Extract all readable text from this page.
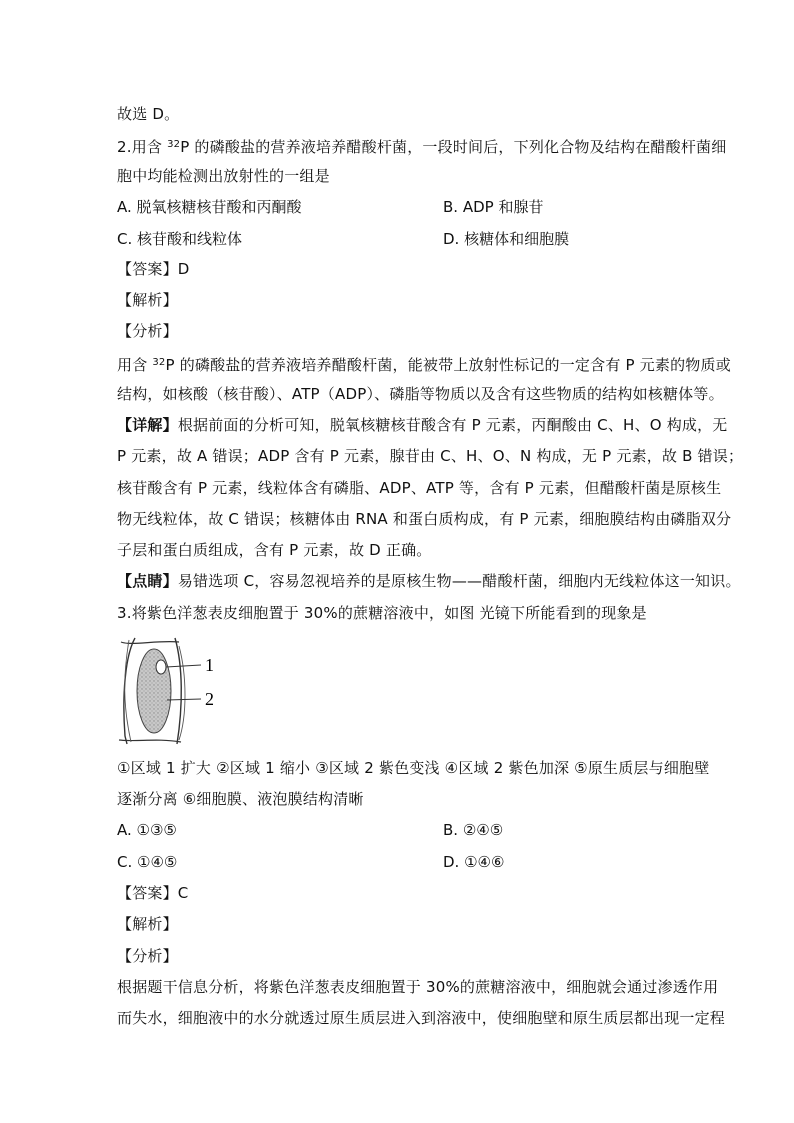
故选 D。
2.用含 $^{32}$P 的磷酸盐的营养液培养醋酸杆菌，一段时间后，下列化合物及结构在醋酸杆菌细
胞中均能检测出放射性的一组是
A. 脱氧核糖核苷酸和丙酮酸	B. ADP 和腺苷
C. 核苷酸和线粒体	D. 核糖体和细胞膜
【答案】D
【解析】
【分析】
用含 $^{32}$P 的磷酸盐的营养液培养醋酸杆菌，能被带上放射性标记的一定含有 P 元素的物质或
结构，如核酸（核苷酸）、ATP（ADP）、磷脂等物质以及含有这些物质的结构如核糖体等。
【详解】根据前面的分析可知，脱氧核糖核苷酸含有 P 元素，丙酮酸由 C、H、O 构成，无
P 元素，故 A 错误；ADP 含有 P 元素，腺苷由 C、H、O、N 构成，无 P 元素，故 B 错误；
核苷酸含有 P 元素，线粒体含有磷脂、ADP、ATP 等，含有 P 元素，但醋酸杆菌是原核生
物无线粒体，故 C 错误；核糖体由 RNA 和蛋白质构成，有 P 元素，细胞膜结构由磷脂双分
子层和蛋白质组成，含有 P 元素，故 D 正确。
【点睛】易错选项 C，容易忽视培养的是原核生物——醋酸杆菌，细胞内无线粒体这一知识。
3.将紫色洋葱表皮细胞置于 30%的蔗糖溶液中，如图 光镜下所能看到的现象是
1
2
①区域 1 扩大 ②区域 1 缩小 ③区域 2 紫色变浅 ④区域 2 紫色加深 ⑤原生质层与细胞壁
逐渐分离 ⑥细胞膜、液泡膜结构清晰
A. ①③⑤	B. ②④⑤
C. ①④⑤	D. ①④⑥
【答案】C
【解析】
【分析】
根据题干信息分析，将紫色洋葱表皮细胞置于 30%的蔗糖溶液中，细胞就会通过渗透作用
而失水，细胞液中的水分就透过原生质层进入到溶液中，使细胞壁和原生质层都出现一定程
